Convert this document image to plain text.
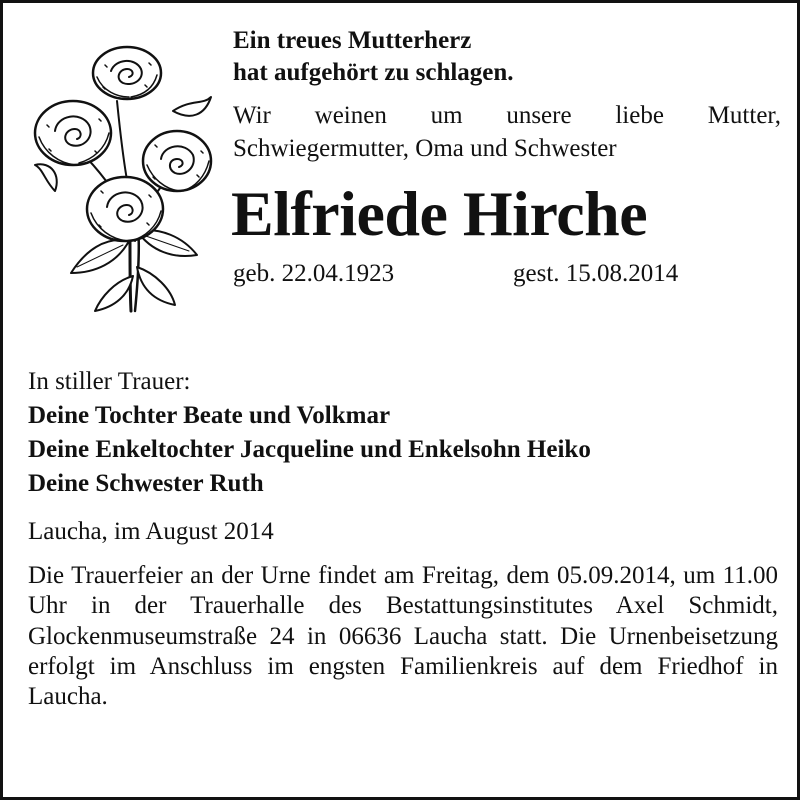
Ein treues Mutterherz
hat aufgehört zu schlagen.

Wir weinen um unsere liebe Mutter,
Schwiegermutter, Oma und Schwester

Elfriede Hirche
geb. 22.04.1923	gest. 15.08.2014

In stiller Trauer:

Deine Tochter Beate und Volkmar

Deine Enkeltochter Jacqueline und Enkelsohn Heiko

Deine Schwester Ruth

Laucha, im August 2014

Die Trauerfeier an der Urne findet am Freitag, dem 05.09.2014, um 11.00 Uhr in der Trauerhalle des Bestattungsinstitutes Axel Schmidt, Glockenmuseumstraße 24 in 06636 Laucha statt. Die Urnenbeisetzung erfolgt im Anschluss im engsten Familienkreis auf dem Friedhof in Laucha.
